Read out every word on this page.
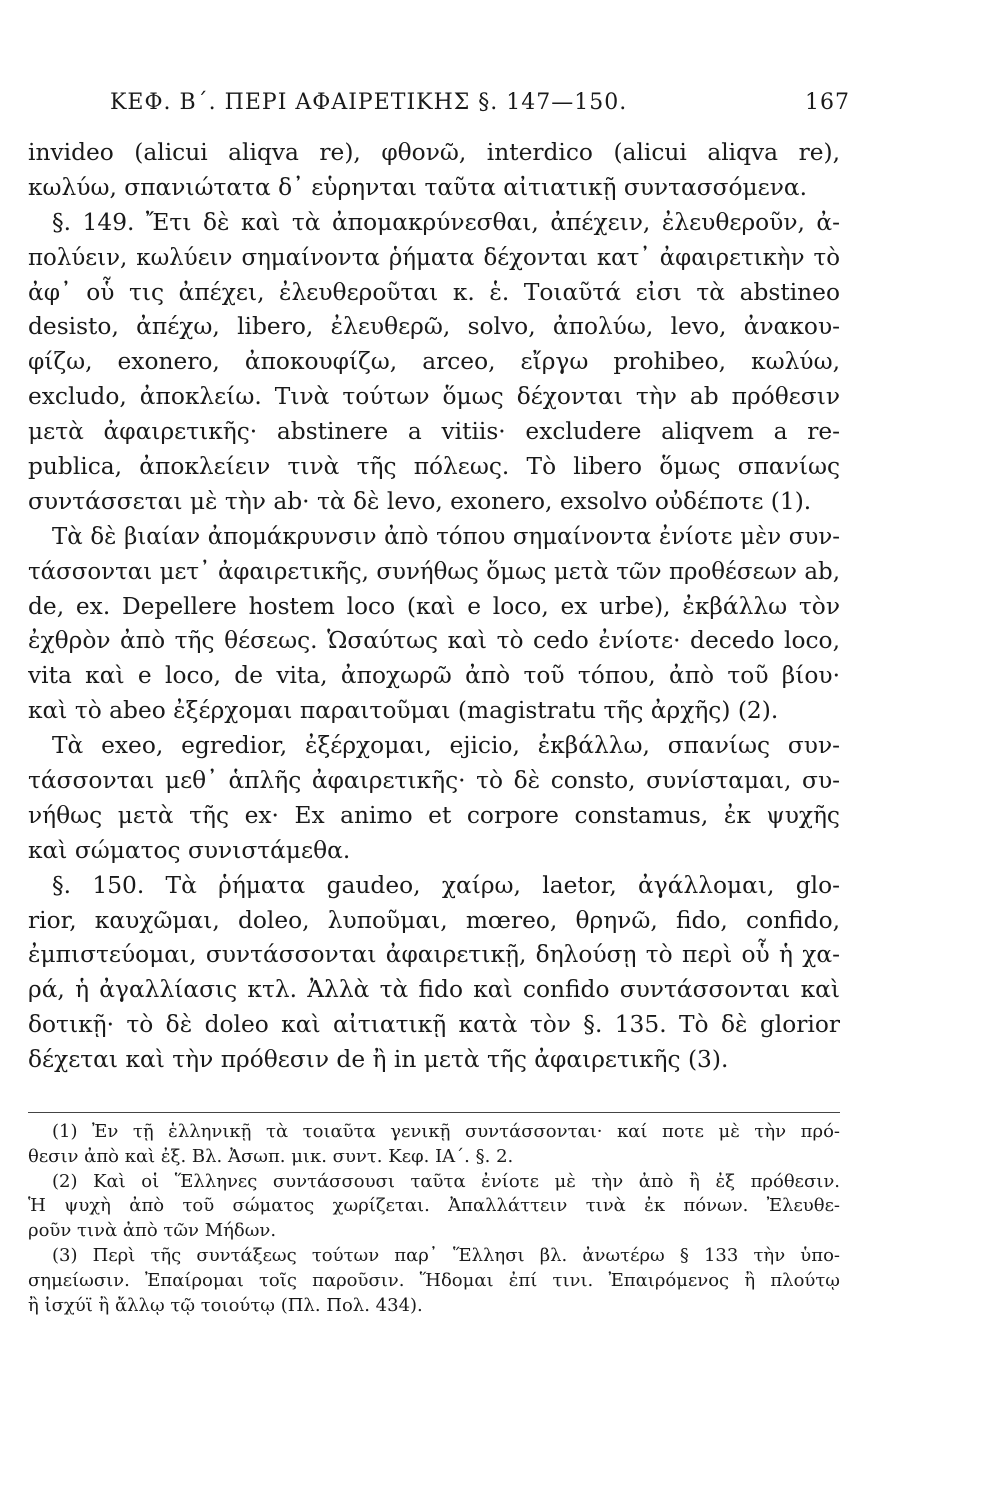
ΚΕΦ. Β΄. ΠΕΡΙ ΑΦΑΙΡΕΤΙΚΗΣ §. 147—150.	167
invideo (alicui aliqva re), φθονῶ, interdico (alicui aliqva re),
κωλύω, σπανιώτατα δ᾽ εὑρηνται ταῦτα αἰτιατικῇ συντασσόμενα.
§. 149. Ἔτι δὲ καὶ τὰ ἀπομακρύνεσθαι, ἀπέχειν, ἐλευθεροῦν, ἀ-
πολύειν, κωλύειν σημαίνοντα ῥήματα δέχονται κατ᾽ ἀφαιρετικὴν τὸ
ἀφ᾽ οὗ τις ἀπέχει, ἐλευθεροῦται κ. ἑ. Τοιαῦτά εἰσι τὰ abstineo
desisto, ἀπέχω, libero, ἐλευθερῶ, solvo, ἀπολύω, levo, ἀνακου-
φίζω, exonero, ἀποκουφίζω, arceo, εἴργω prohibeo, κωλύω,
excludo, ἀποκλείω. Τινὰ τούτων ὅμως δέχονται τὴν ab πρόθεσιν
μετὰ ἀφαιρετικῆς· abstinere a vitiis· excludere aliqvem a re-
publica, ἀποκλείειν τινὰ τῆς πόλεως. Τὸ libero ὅμως σπανίως
συντάσσεται μὲ τὴν ab· τὰ δὲ levo, exonero, exsolvo οὐδέποτε (1).
Τὰ δὲ βιαίαν ἀπομάκρυνσιν ἀπὸ τόπου σημαίνοντα ἐνίοτε μὲν συν-
τάσσονται μετ᾽ ἀφαιρετικῆς, συνήθως ὅμως μετὰ τῶν προθέσεων ab,
de, ex. Depellere hostem loco (καὶ e loco, ex urbe), ἐκβάλλω τὸν
ἐχθρὸν ἀπὸ τῆς θέσεως. Ὡσαύτως καὶ τὸ cedo ἐνίοτε· decedo loco,
vita καὶ e loco, de vita, ἀποχωρῶ ἀπὸ τοῦ τόπου, ἀπὸ τοῦ βίου·
καὶ τὸ abeo ἐξέρχομαι παραιτοῦμαι (magistratu τῆς ἀρχῆς) (2).
Τὰ exeo, egredior, ἐξέρχομαι, ejicio, ἐκβάλλω, σπανίως συν-
τάσσονται μεθ᾽ ἁπλῆς ἀφαιρετικῆς· τὸ δὲ consto, συνίσταμαι, συ-
νήθως μετὰ τῆς ex· Ex animo et corpore constamus, ἐκ ψυχῆς
καὶ σώματος συνιστάμεθα.
§. 150. Τὰ ῥήματα gaudeo, χαίρω, laetor, ἀγάλλομαι, glo-
rior, καυχῶμαι, doleo, λυποῦμαι, mœreo, θρηνῶ, fido, confido,
ἐμπιστεύομαι, συντάσσονται ἀφαιρετικῇ, δηλούσῃ τὸ περὶ οὗ ἡ χα-
ρά, ἡ ἀγαλλίασις κτλ. Ἀλλὰ τὰ fido καὶ confido συντάσσονται καὶ
δοτικῇ· τὸ δὲ doleo καὶ αἰτιατικῇ κατὰ τὸν §. 135. Τὸ δὲ glorior
δέχεται καὶ τὴν πρόθεσιν de ἢ in μετὰ τῆς ἀφαιρετικῆς (3).
(1) Ἐν τῇ ἑλληνικῇ τὰ τοιαῦτα γενικῇ συντάσσονται· καί ποτε μὲ τὴν πρό-
θεσιν ἀπὸ καὶ ἐξ. Βλ. Ἀσωπ. μικ. συντ. Κεφ. ΙΑ΄. §. 2.
(2) Καὶ οἱ Ἕλληνες συντάσσουσι ταῦτα ἐνίοτε μὲ τὴν ἀπὸ ἢ ἐξ πρόθεσιν.
Ἡ ψυχὴ ἀπὸ τοῦ σώματος χωρίζεται. Ἀπαλλάττειν τινὰ ἐκ πόνων. Ἐλευθε-
ροῦν τινὰ ἀπὸ τῶν Μήδων.
(3) Περὶ τῆς συντάξεως τούτων παρ᾽ Ἕλλησι βλ. ἀνωτέρω § 133 τὴν ὑπο-
σημείωσιν. Ἐπαίρομαι τοῖς παροῦσιν. Ἥδομαι ἐπί τινι. Ἐπαιρόμενος ἢ πλούτῳ
ἢ ἰσχύϊ ἢ ἄλλῳ τῷ τοιούτῳ (Πλ. Πολ. 434).
